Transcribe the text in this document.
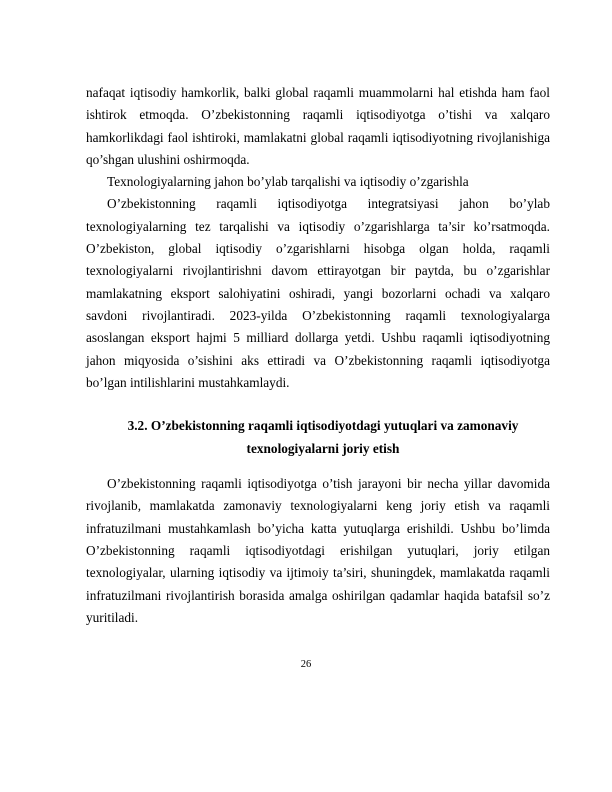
nafaqat iqtisodiy hamkorlik, balki global raqamli muammolarni hal etishda ham faol ishtirok etmoqda. O’zbekistonning raqamli iqtisodiyotga o’tishi va xalqaro hamkorlikdagi faol ishtiroki, mamlakatni global raqamli iqtisodiyotning rivojlanishiga qo’shgan ulushini oshirmoqda.

Texnologiyalarning jahon bo’ylab tarqalishi va iqtisodiy o’zgarishla

O’zbekistonning raqamli iqtisodiyotga integratsiyasi jahon bo’ylab texnologiyalarning tez tarqalishi va iqtisodiy o’zgarishlarga ta’sir ko’rsatmoqda. O’zbekiston, global iqtisodiy o’zgarishlarni hisobga olgan holda, raqamli texnologiyalarni rivojlantirishni davom ettirayotgan bir paytda, bu o’zgarishlar mamlakatning eksport salohiyatini oshiradi, yangi bozorlarni ochadi va xalqaro savdoni rivojlantiradi. 2023-yilda O’zbekistonning raqamli texnologiyalarga asoslangan eksport hajmi 5 milliard dollarga yetdi. Ushbu raqamli iqtisodiyotning jahon miqyosida o’sishini aks ettiradi va O’zbekistonning raqamli iqtisodiyotga bo’lgan intilishlarini mustahkamlaydi.

3.2. O’zbekistonning raqamli iqtisodiyotdagi yutuqlari va zamonaviy
texnologiyalarni joriy etish

O’zbekistonning raqamli iqtisodiyotga o’tish jarayoni bir necha yillar davomida rivojlanib, mamlakatda zamonaviy texnologiyalarni keng joriy etish va raqamli infratuzilmani mustahkamlash bo’yicha katta yutuqlarga erishildi. Ushbu bo’limda O’zbekistonning raqamli iqtisodiyotdagi erishilgan yutuqlari, joriy etilgan texnologiyalar, ularning iqtisodiy va ijtimoiy ta’siri, shuningdek, mamlakatda raqamli infratuzilmani rivojlantirish borasida amalga oshirilgan qadamlar haqida batafsil so’z yuritiladi.

26
